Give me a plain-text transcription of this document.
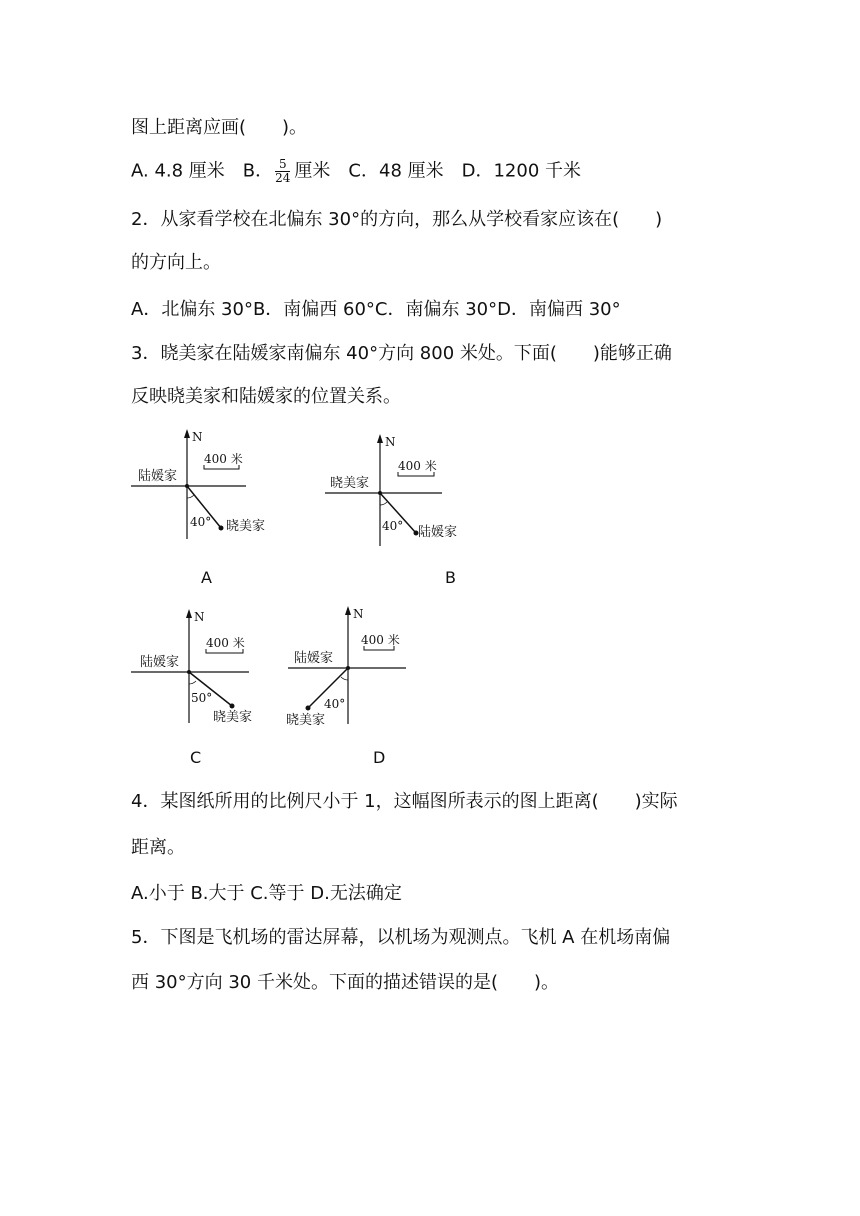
图上距离应画(　　)。
A. 4.8 厘米　B． $\frac{5}{24}$ 厘米　C．48 厘米　D．1200 千米
2．从家看学校在北偏东 30°的方向，那么从学校看家应该在(　　)
的方向上。
A．北偏东 30°B．南偏西 60°C．南偏东 30°D．南偏西 30°
3．晓美家在陆媛家南偏东 40°方向 800 米处。下面(　　)能够正确
反映晓美家和陆媛家的位置关系。
N
400 米
陆媛家
40° 晓美家
A
N
400 米
晓美家
40° 陆媛家
B
N
400 米
陆媛家
50°
晓美家
C
N
400 米
陆媛家
40°
晓美家
D
4．某图纸所用的比例尺小于 1，这幅图所表示的图上距离(　　)实际
距离。
A.小于 B.大于 C.等于 D.无法确定
5．下图是飞机场的雷达屏幕，以机场为观测点。飞机 A 在机场南偏
西 30°方向 30 千米处。下面的描述错误的是(　　)。
